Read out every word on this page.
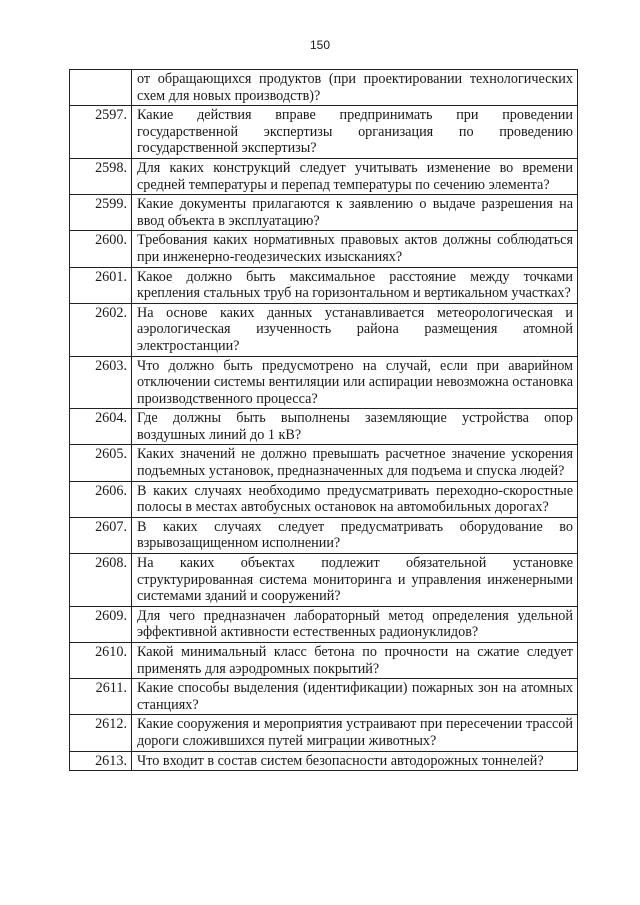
150
	от обращающихся продуктов (при проектировании технологических схем для новых производств)?
2597.	Какие действия вправе предпринимать при проведении государственной экспертизы организация по проведению государственной экспертизы?
2598.	Для каких конструкций следует учитывать изменение во времени средней температуры и перепад температуры по сечению элемента?
2599.	Какие документы прилагаются к заявлению о выдаче разрешения на ввод объекта в эксплуатацию?
2600.	Требования каких нормативных правовых актов должны соблюдаться при инженерно-геодезических изысканиях?
2601.	Какое должно быть максимальное расстояние между точками крепления стальных труб на горизонтальном и вертикальном участках?
2602.	На основе каких данных устанавливается метеорологическая и аэрологическая изученность района размещения атомной электростанции?
2603.	Что должно быть предусмотрено на случай, если при аварийном отключении системы вентиляции или аспирации невозможна остановка производственного процесса?
2604.	Где должны быть выполнены заземляющие устройства опор воздушных линий до 1 кВ?
2605.	Каких значений не должно превышать расчетное значение ускорения подъемных установок, предназначенных для подъема и спуска людей?
2606.	В каких случаях необходимо предусматривать переходно-скоростные полосы в местах автобусных остановок на автомобильных дорогах?
2607.	В каких случаях следует предусматривать оборудование во взрывозащищенном исполнении?
2608.	На каких объектах подлежит обязательной установке структурированная система мониторинга и управления инженерными системами зданий и сооружений?
2609.	Для чего предназначен лабораторный метод определения удельной эффективной активности естественных радионуклидов?
2610.	Какой минимальный класс бетона по прочности на сжатие следует применять для аэродромных покрытий?
2611.	Какие способы выделения (идентификации) пожарных зон на атомных станциях?
2612.	Какие сооружения и мероприятия устраивают при пересечении трассой дороги сложившихся путей миграции животных?
2613.	Что входит в состав систем безопасности автодорожных тоннелей?
